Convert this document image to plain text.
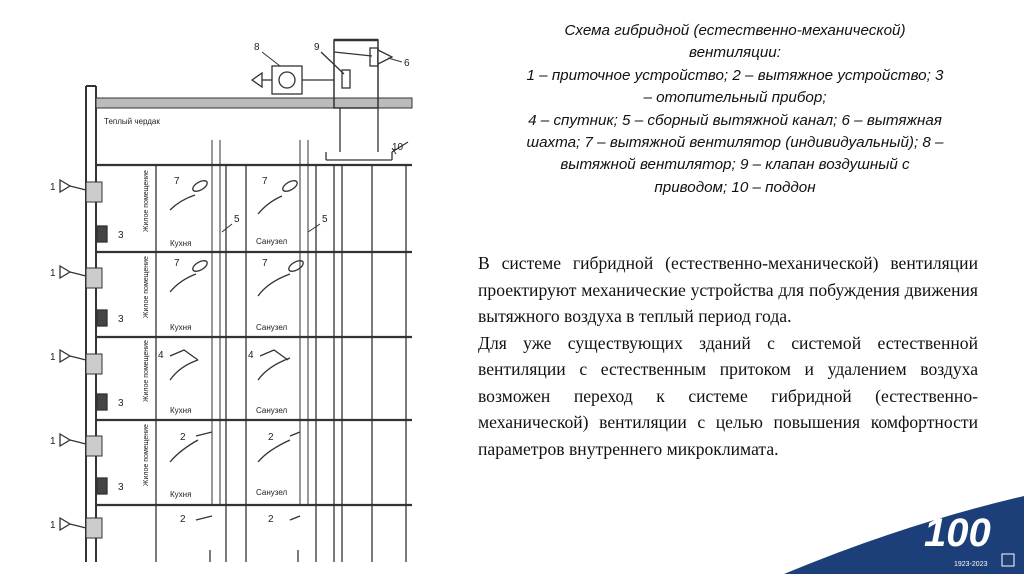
Теплый чердак
Жилое помещение
Жилое помещение
Жилое помещение
Жилое помещение
Кухня
Кухня
Кухня
Кухня
Санузел
Санузел
Санузел
Санузел
1
1
1
1
1
3
3
3
3
7	7
7	7
5	5
4	4
2	2
2	2
8	9
6
10
Схема гибридной (естественно-механической)
вентиляции:
1 – приточное устройство; 2 – вытяжное устройство; 3
– отопительный прибор;
4 – спутник; 5 – сборный вытяжной канал; 6 – вытяжная
шахта; 7 – вытяжной вентилятор (индивидуальный); 8 –
вытяжной вентилятор; 9 – клапан воздушный с
приводом; 10 – поддон

В системе гибридной (естественно-механической) вентиляции проектируют механические устройства для побуждения движения вытяжного воздуха в теплый период года.

Для уже существующих зданий с системой естественной вентиляции с естественным притоком и удалением воздуха возможен переход к системе гибридной (естественно-механической) вентиляции с целью повышения комфортности параметров внутреннего микроклимата.

100
1923-2023
